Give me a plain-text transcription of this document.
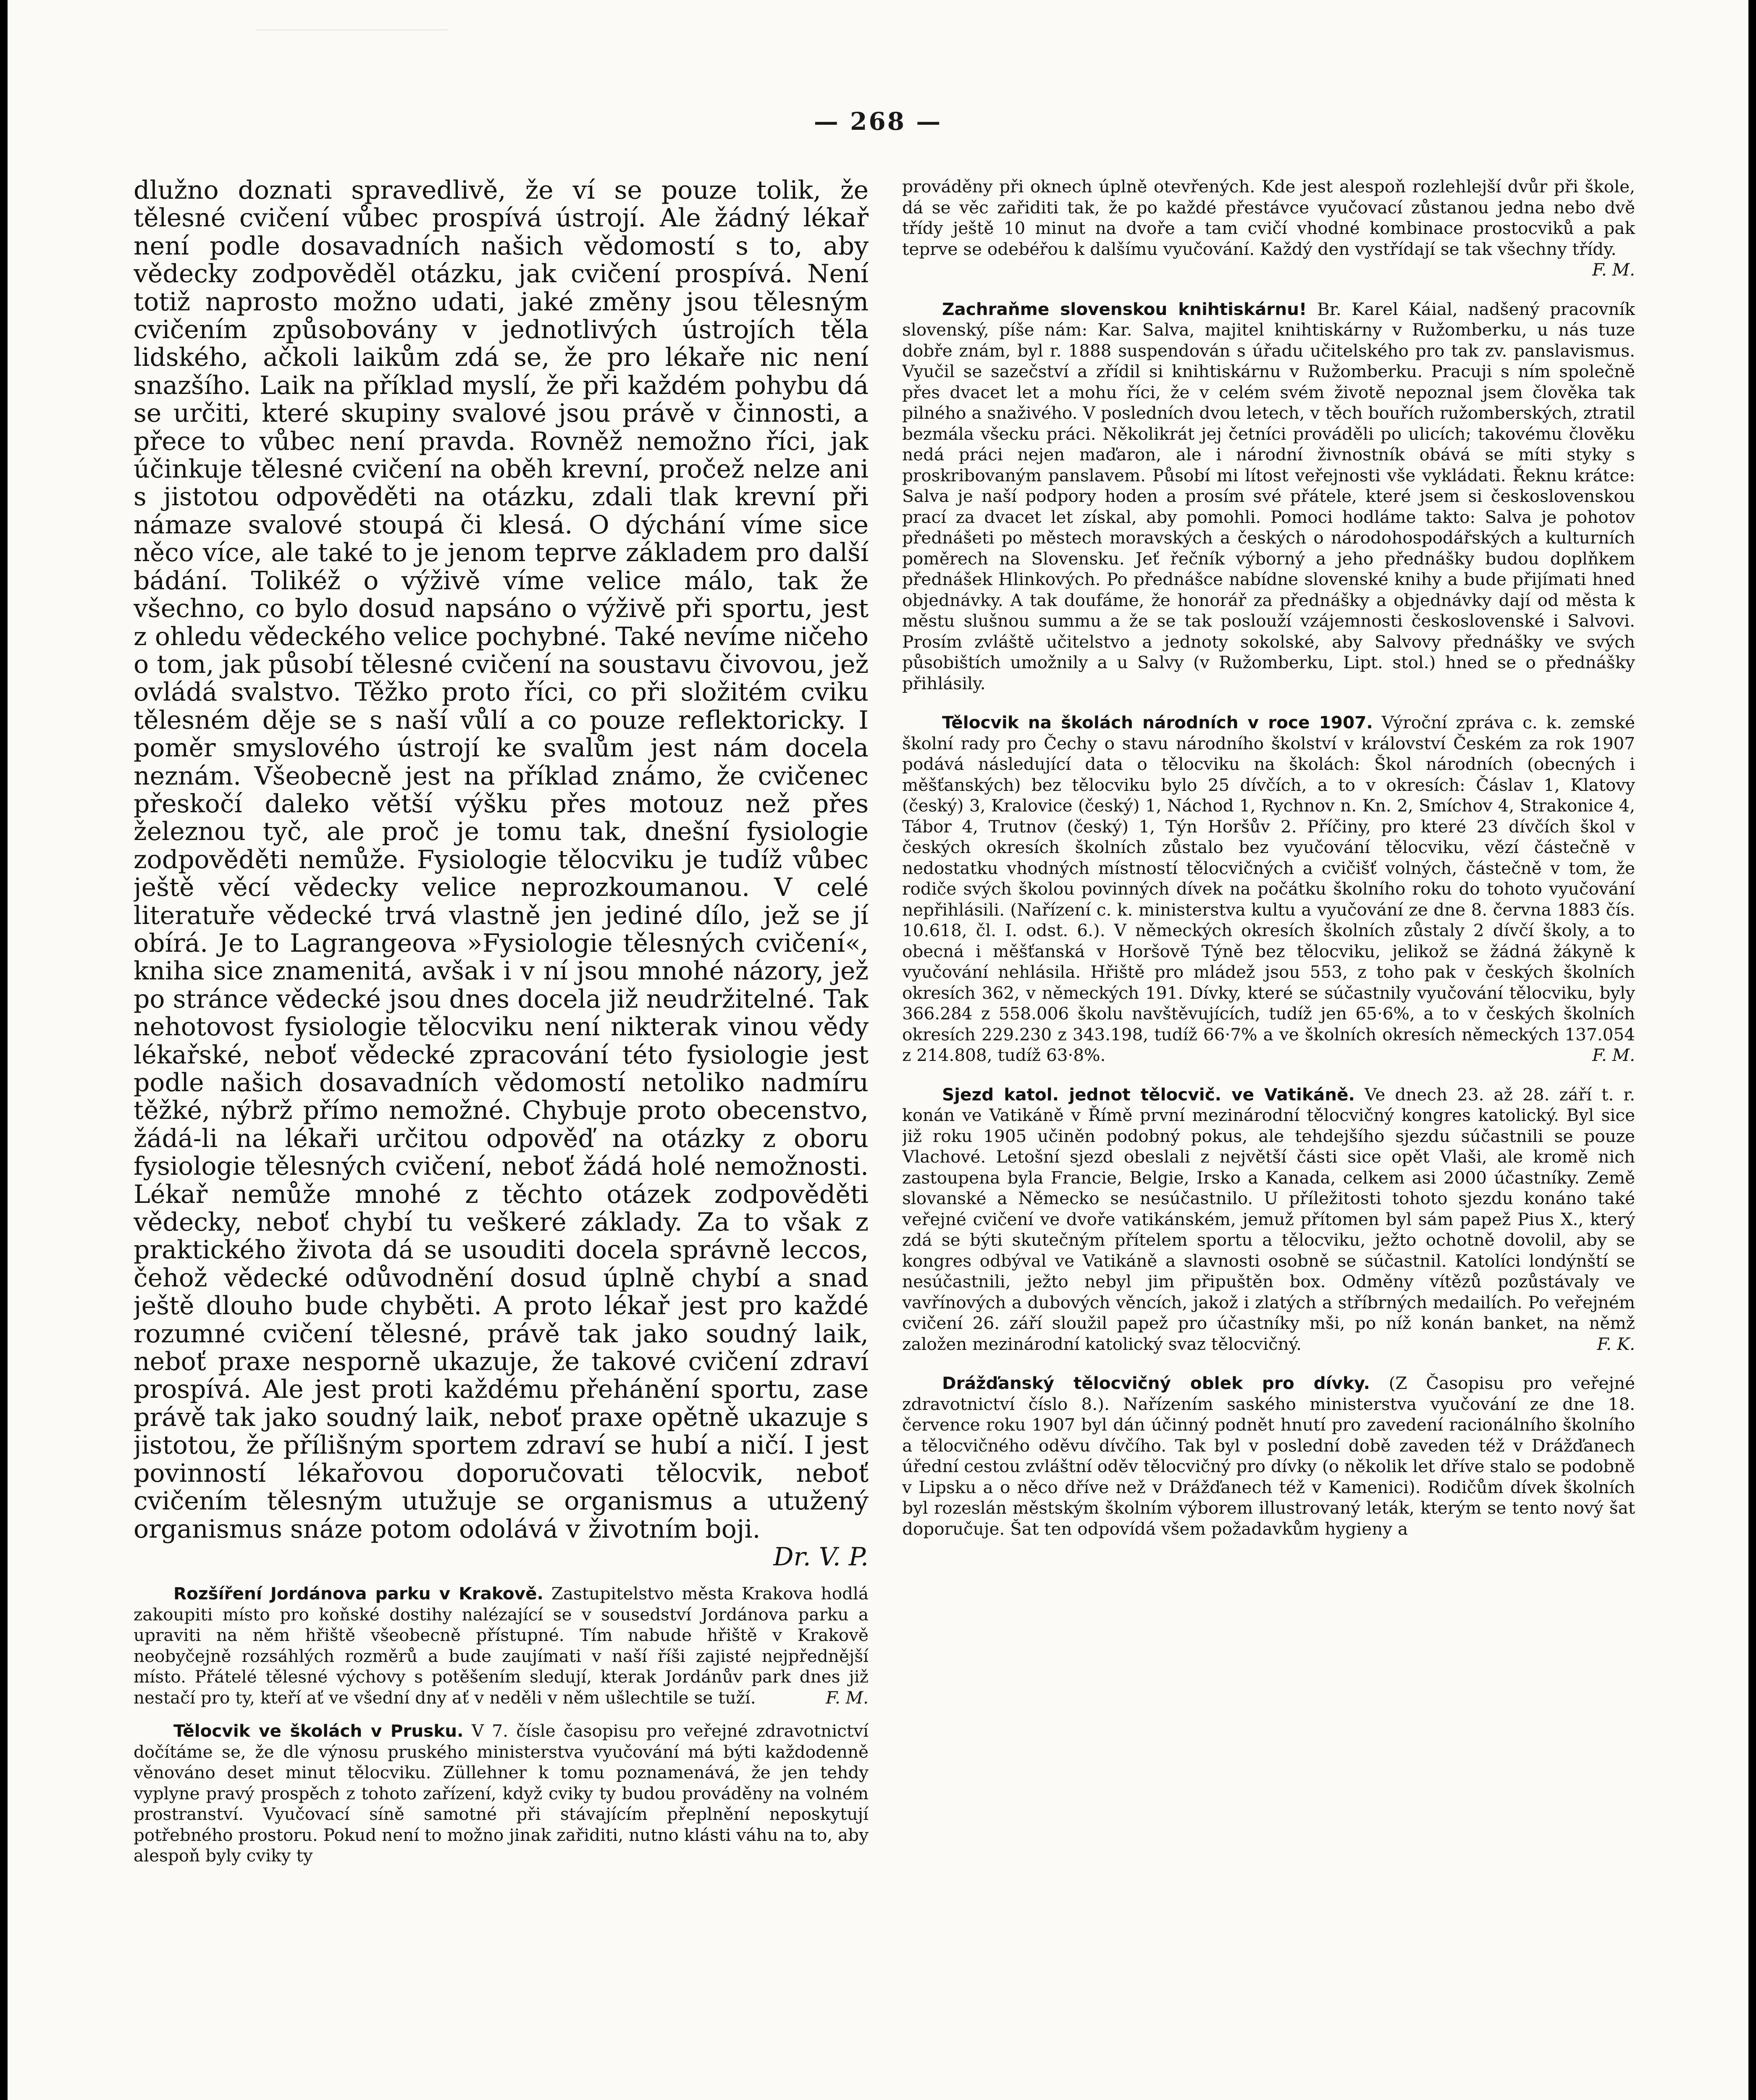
— 268 —

dlužno doznati spravedlivě, že ví se pouze tolik, že tělesné cvičení vůbec prospívá ústrojí. Ale žádný lékař není podle dosavadních našich vědomostí s to, aby vědecky zodpověděl otázku, jak cvičení prospívá. Není totiž naprosto možno udati, jaké změny jsou tělesným cvičením způsobovány v jednotlivých ústrojích těla lidského, ačkoli laikům zdá se, že pro lékaře nic není snazšího. Laik na příklad myslí, že při každém pohybu dá se určiti, které skupiny svalové jsou právě v činnosti, a přece to vůbec není pravda. Rovněž nemožno říci, jak účinkuje tělesné cvičení na oběh krevní, pročež nelze ani s jistotou odpověděti na otázku, zdali tlak krevní při námaze svalové stoupá či klesá. O dýchání víme sice něco více, ale také to je jenom teprve základem pro další bádání. Tolikéž o výživě víme velice málo, tak že všechno, co bylo dosud napsáno o výživě při sportu, jest z ohledu vědeckého velice pochybné. Také nevíme ničeho o tom, jak působí tělesné cvičení na soustavu čivovou, jež ovládá svalstvo. Těžko proto říci, co při složitém cviku tělesném děje se s naší vůlí a co pouze reflektoricky. I poměr smyslového ústrojí ke svalům jest nám docela neznám. Všeobecně jest na příklad známo, že cvičenec přeskočí daleko větší výšku přes motouz než přes železnou tyč, ale proč je tomu tak, dnešní fysiologie zodpověděti nemůže. Fysiologie tělocviku je tudíž vůbec ještě věcí vědecky velice neprozkoumanou. V celé literatuře vědecké trvá vlastně jen jediné dílo, jež se jí obírá. Je to Lagrangeova »Fysiologie tělesných cvičení«, kniha sice znamenitá, avšak i v ní jsou mnohé názory, jež po stránce vědecké jsou dnes docela již neudržitelné. Tak nehotovost fysiologie tělocviku není nikterak vinou vědy lékařské, neboť vědecké zpracování této fysiologie jest podle našich dosavadních vědomostí netoliko nadmíru těžké, nýbrž přímo nemožné. Chybuje proto obecenstvo, žádá-li na lékaři určitou odpověď na otázky z oboru fysiologie tělesných cvičení, neboť žádá holé nemožnosti. Lékař nemůže mnohé z těchto otázek zodpověděti vědecky, neboť chybí tu veškeré základy. Za to však z praktického života dá se usouditi docela správně leccos, čehož vědecké odůvodnění dosud úplně chybí a snad ještě dlouho bude chyběti. A proto lékař jest pro každé rozumné cvičení tělesné, právě tak jako soudný laik, neboť praxe nesporně ukazuje, že takové cvičení zdraví prospívá. Ale jest proti každému přehánění sportu, zase právě tak jako soudný laik, neboť praxe opětně ukazuje s jistotou, že přílišným sportem zdraví se hubí a ničí. I jest povinností lékařovou doporučovati tělocvik, neboť cvičením tělesným utužuje se organismus a utužený organismus snáze potom odolává v životním boji.
Dr. V. P.

Rozšíření Jordánova parku v Krakově. Zastupitelstvo města Krakova hodlá zakoupiti místo pro koňské dostihy nalézající se v sousedství Jordánova parku a upraviti na něm hřiště všeobecně přístupné. Tím nabude hřiště v Krakově neobyčejně rozsáhlých rozměrů a bude zaujímati v naší říši zajisté nejpřednější místo. Přátelé tělesné výchovy s potěšením sledují, kterak Jordánův park dnes již nestačí pro ty, kteří ať ve všední dny ať v neděli v něm ušlechtile se tuží.	F. M.

Tělocvik ve školách v Prusku. V 7. čísle časopisu pro veřejné zdravotnictví dočítáme se, že dle výnosu pruského ministerstva vyučování má býti každodenně věnováno deset minut tělocviku. Züllehner k tomu poznamenává, že jen tehdy vyplyne pravý prospěch z tohoto zařízení, když cviky ty budou prováděny na volném prostranství. Vyučovací síně samotné při stávajícím přeplnění neposkytují potřebného prostoru. Pokud není to možno jinak zařiditi, nutno klásti váhu na to, aby alespoň byly cviky ty

prováděny při oknech úplně otevřených. Kde jest alespoň rozlehlejší dvůr při škole, dá se věc zařiditi tak, že po každé přestávce vyučovací zůstanou jedna nebo dvě třídy ještě 10 minut na dvoře a tam cvičí vhodné kombinace prostocviků a pak teprve se odebéřou k dalšímu vyučování. Každý den vystřídají se tak všechny třídy.
F. M.

Zachraňme slovenskou knihtiskárnu! Br. Karel Káial, nadšený pracovník slovenský, píše nám: Kar. Salva, majitel knihtiskárny v Ružomberku, u nás tuze dobře znám, byl r. 1888 suspendován s úřadu učitelského pro tak zv. panslavismus. Vyučil se sazečství a zřídil si knihtiskárnu v Ružomberku. Pracuji s ním společně přes dvacet let a mohu říci, že v celém svém životě nepoznal jsem člověka tak pilného a snaživého. V posledních dvou letech, v těch bouřích ružomberských, ztratil bezmála všecku práci. Několikrát jej četníci prováděli po ulicích; takovému člověku nedá práci nejen maďaron, ale i národní živnostník obává se míti styky s proskribovaným panslavem. Působí mi lítost veřejnosti vše vykládati. Řeknu krátce: Salva je naší podpory hoden a prosím své přátele, které jsem si československou prací za dvacet let získal, aby pomohli. Pomoci hodláme takto: Salva je pohotov přednášeti po městech moravských a českých o národohospodářských a kulturních poměrech na Slovensku. Jeť řečník výborný a jeho přednášky budou doplňkem přednášek Hlinkových. Po přednášce nabídne slovenské knihy a bude přijímati hned objednávky. A tak doufáme, že honorář za přednášky a objednávky dají od města k městu slušnou summu a že se tak poslouží vzájemnosti československé i Salvovi. Prosím zvláště učitelstvo a jednoty sokolské, aby Salvovy přednášky ve svých působištích umožnily a u Salvy (v Ružomberku, Lipt. stol.) hned se o přednášky přihlásily.

Tělocvik na školách národních v roce 1907. Výroční zpráva c. k. zemské školní rady pro Čechy o stavu národního školství v království Českém za rok 1907 podává následující data o tělocviku na školách: Škol národních (obecných i měšťanských) bez tělocviku bylo 25 dívčích, a to v okresích: Čáslav 1, Klatovy (český) 3, Kralovice (český) 1, Náchod 1, Rychnov n. Kn. 2, Smíchov 4, Strakonice 4, Tábor 4, Trutnov (český) 1, Týn Horšův 2. Příčiny, pro které 23 dívčích škol v českých okresích školních zůstalo bez vyučování tělocviku, vězí částečně v nedostatku vhodných místností tělocvičných a cvičišť volných, částečně v tom, že rodiče svých školou povinných dívek na počátku školního roku do tohoto vyučování nepřihlásili. (Nařízení c. k. ministerstva kultu a vyučování ze dne 8. června 1883 čís. 10.618, čl. I. odst. 6.). V německých okresích školních zůstaly 2 dívčí školy, a to obecná i měšťanská v Horšově Týně bez tělocviku, jelikož se žádná žákyně k vyučování nehlásila. Hřiště pro mládež jsou 553, z toho pak v českých školních okresích 362, v německých 191. Dívky, které se súčastnily vyučování tělocviku, byly 366.284 z 558.006 školu navštěvujících, tudíž jen 65·6%, a to v českých školních okresích 229.230 z 343.198, tudíž 66·7% a ve školních okresích německých 137.054 z 214.808, tudíž 63·8%.	F. M.

Sjezd katol. jednot tělocvič. ve Vatikáně. Ve dnech 23. až 28. září t. r. konán ve Vatikáně v Římě první mezinárodní tělocvičný kongres katolický. Byl sice již roku 1905 učiněn podobný pokus, ale tehdejšího sjezdu súčastnili se pouze Vlachové. Letošní sjezd obeslali z největší části sice opět Vlaši, ale kromě nich zastoupena byla Francie, Belgie, Irsko a Kanada, celkem asi 2000 účastníky. Země slovanské a Německo se nesúčastnilo. U příležitosti tohoto sjezdu konáno také veřejné cvičení ve dvoře vatikánském, jemuž přítomen byl sám papež Pius X., který zdá se býti skutečným přítelem sportu a tělocviku, ježto ochotně dovolil, aby se kongres odbýval ve Vatikáně a slavnosti osobně se súčastnil. Katolíci londýnští se nesúčastnili, ježto nebyl jim připuštěn box. Odměny vítězů pozůstávaly ve vavřínových a dubových věncích, jakož i zlatých a stříbrných medailích. Po veřejném cvičení 26. září sloužil papež pro účastníky mši, po níž konán banket, na němž založen mezinárodní katolický svaz tělocvičný.	F. K.

Drážďanský tělocvičný oblek pro dívky. (Z Časopisu pro veřejné zdravotnictví číslo 8.). Nařízením saského ministerstva vyučování ze dne 18. července roku 1907 byl dán účinný podnět hnutí pro zavedení racionálního školního a tělocvičného oděvu dívčího. Tak byl v poslední době zaveden též v Drážďanech úřední cestou zvláštní oděv tělocvičný pro dívky (o několik let dříve stalo se podobně v Lipsku a o něco dříve než v Drážďanech též v Kamenici). Rodičům dívek školních byl rozeslán městským školním výborem illustrovaný leták, kterým se tento nový šat doporučuje. Šat ten odpovídá všem požadavkům hygieny a
